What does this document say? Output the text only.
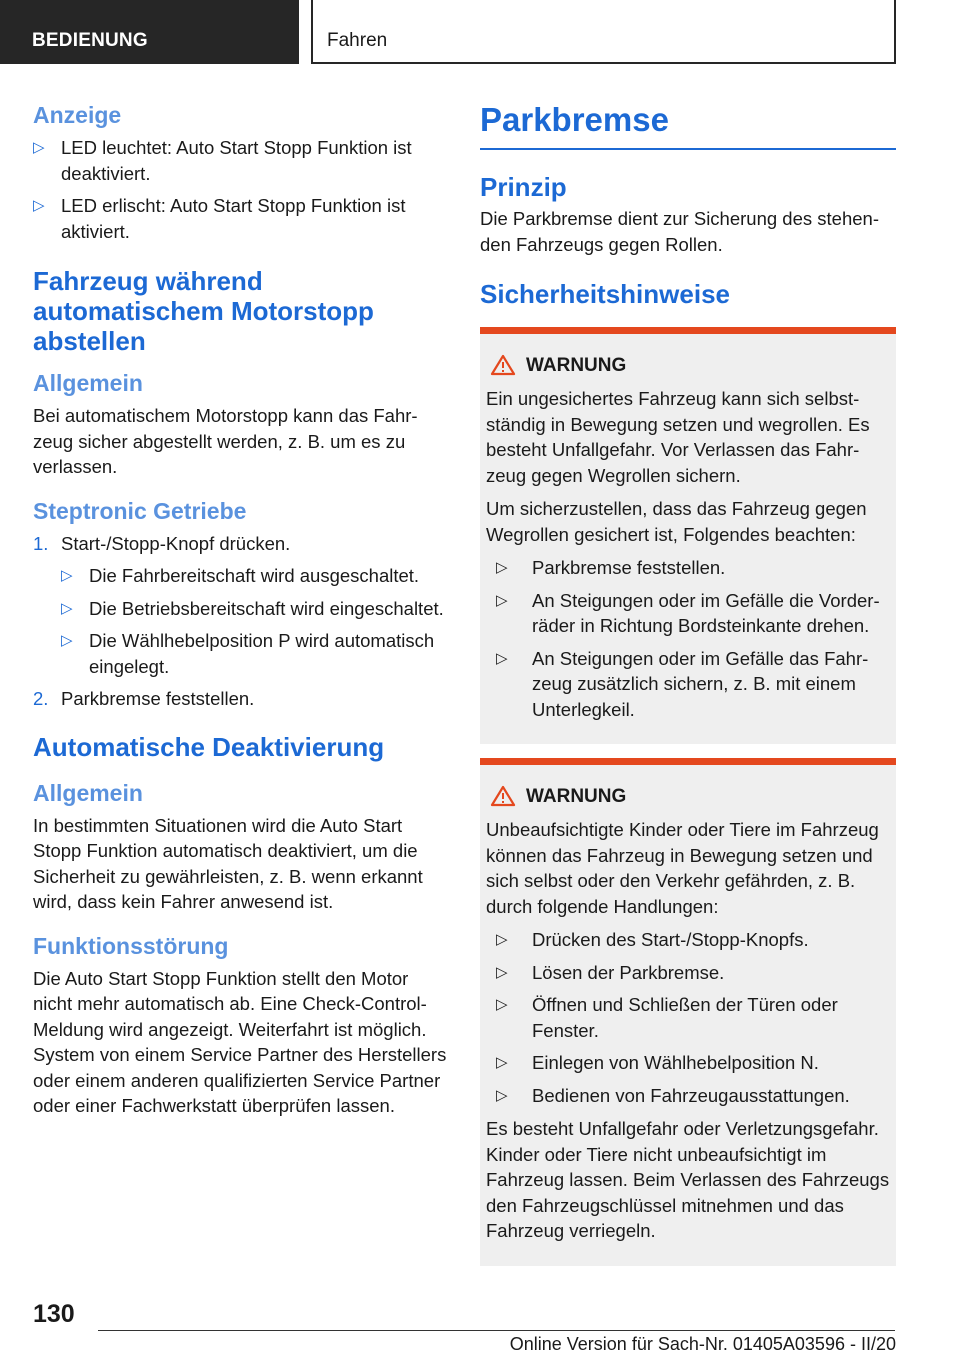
BEDIENUNG	Fahren
Anzeige
▷ LED leuchtet: Auto Start Stopp Funktion ist deaktiviert.
▷ LED erlischt: Auto Start Stopp Funktion ist aktiviert.
Fahrzeug während automatischem Motorstopp abstellen
Allgemein
Bei automatischem Motorstopp kann das Fahrzeug sicher abgestellt werden, z. B. um es zu verlassen.
Steptronic Getriebe
1. Start-/Stopp-Knopf drücken.
▷ Die Fahrbereitschaft wird ausgeschaltet.
▷ Die Betriebsbereitschaft wird eingeschaltet.
▷ Die Wählhebelposition P wird automatisch eingelegt.
2. Parkbremse feststellen.
Automatische Deaktivierung
Allgemein
In bestimmten Situationen wird die Auto Start Stopp Funktion automatisch deaktiviert, um die Sicherheit zu gewährleisten, z. B. wenn erkannt wird, dass kein Fahrer anwesend ist.
Funktionsstörung
Die Auto Start Stopp Funktion stellt den Motor nicht mehr automatisch ab. Eine Check-Control-Meldung wird angezeigt. Weiterfahrt ist möglich. System von einem Service Partner des Herstellers oder einem anderen qualifizierten Service Partner oder einer Fachwerkstatt überprüfen lassen.
Parkbremse
Prinzip
Die Parkbremse dient zur Sicherung des stehenden Fahrzeugs gegen Rollen.
Sicherheitshinweise
WARNUNG
Ein ungesichertes Fahrzeug kann sich selbstständig in Bewegung setzen und wegrollen. Es besteht Unfallgefahr. Vor Verlassen das Fahrzeug gegen Wegrollen sichern.
Um sicherzustellen, dass das Fahrzeug gegen Wegrollen gesichert ist, Folgendes beachten:
▷ Parkbremse feststellen.
▷ An Steigungen oder im Gefälle die Vorderräder in Richtung Bordsteinkante drehen.
▷ An Steigungen oder im Gefälle das Fahrzeug zusätzlich sichern, z. B. mit einem Unterlegkeil.
WARNUNG
Unbeaufsichtigte Kinder oder Tiere im Fahrzeug können das Fahrzeug in Bewegung setzen und sich selbst oder den Verkehr gefährden, z. B. durch folgende Handlungen:
▷ Drücken des Start-/Stopp-Knopfs.
▷ Lösen der Parkbremse.
▷ Öffnen und Schließen der Türen oder Fenster.
▷ Einlegen von Wählhebelposition N.
▷ Bedienen von Fahrzeugausstattungen.
Es besteht Unfallgefahr oder Verletzungsgefahr. Kinder oder Tiere nicht unbeaufsichtigt im Fahrzeug lassen. Beim Verlassen des Fahrzeugs den Fahrzeugschlüssel mitnehmen und das Fahrzeug verriegeln.
130
Online Version für Sach-Nr. 01405A03596 - II/20
